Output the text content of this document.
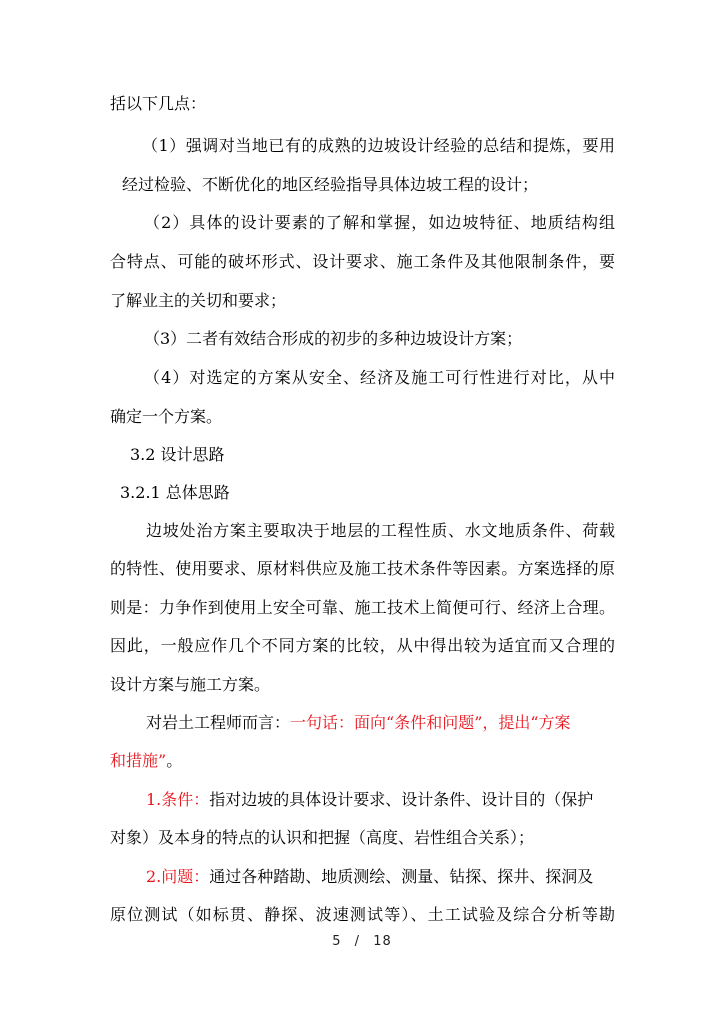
括以下几点：
（1）强调对当地已有的成熟的边坡设计经验的总结和提炼，要用
经过检验、不断优化的地区经验指导具体边坡工程的设计；
（2）具体的设计要素的了解和掌握，如边坡特征、地质结构组
合特点、可能的破坏形式、设计要求、施工条件及其他限制条件，要
了解业主的关切和要求；
（3）二者有效结合形成的初步的多种边坡设计方案；
（4）对选定的方案从安全、经济及施工可行性进行对比，从中
确定一个方案。
3.2 设计思路
3.2.1 总体思路
边坡处治方案主要取决于地层的工程性质、水文地质条件、荷载
的特性、使用要求、原材料供应及施工技术条件等因素。方案选择的原
则是：力争作到使用上安全可靠、施工技术上简便可行、经济上合理。
因此，一般应作几个不同方案的比较，从中得出较为适宜而又合理的
设计方案与施工方案。
对岩土工程师而言：一句话：面向“条件和问题”，提出“方案
和措施”。
1.条件：指对边坡的具体设计要求、设计条件、设计目的（保护
对象）及本身的特点的认识和把握（高度、岩性组合关系）；
2.问题：通过各种踏勘、地质测绘、测量、钻探、探井、探洞及
原位测试（如标贯、静探、波速测试等）、土工试验及综合分析等勘
5 / 18
